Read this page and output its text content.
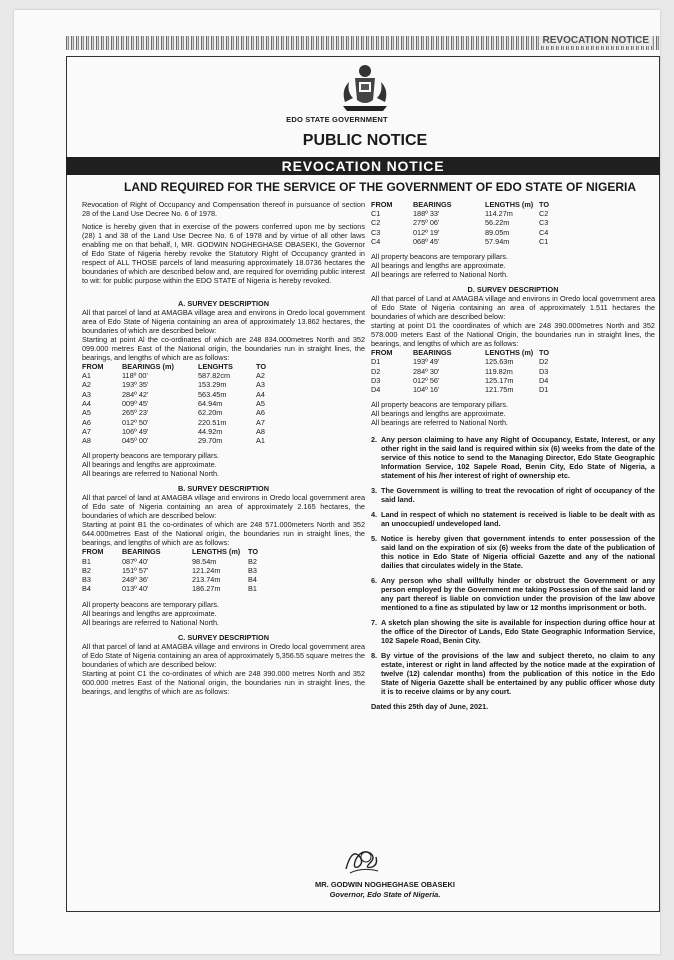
REVOCATION NOTICE
EDO STATE GOVERNMENT
PUBLIC NOTICE
REVOCATION NOTICE
LAND REQUIRED FOR THE SERVICE OF THE GOVERNMENT OF EDO STATE OF NIGERIA

Revocation of Right of Occupancy and Compensation thereof in pursuance of section 28 of the Land Use Decree No. 6 of 1978.

Notice is hereby given that in exercise of the powers conferred upon me by sections (28) 1 and 38 of the Land Use Decree No. 6 of 1978 and by virtue of all other laws enabling me on that behalf, I, MR. GODWIN NOGHEGHASE OBASEKI, the Governor of Edo State of Nigeria hereby revoke the Statutory Right of Occupancy granted in respect of ALL THOSE parcels of land measuring approximately 18.0736 hectares the boundaries of which are described below and, are required for overriding public interest to wit: for public purpose within the EDO STATE of Nigeria is hereby revoked.

A. SURVEY DESCRIPTION

All that parcel of land at AMAGBA village area and environs in Oredo local government area of Edo State of Nigeria containing an area of approximately 13.862 hectares, the boundaries of which are described below:

Starting at point Al the co-ordinates of which are 248 834.000metres North and 352 099.000 metres East of the National origin, the boundaries run in straight lines, the bearings, and lengths of which are as follows:

FROM	BEARINGS (m)	LENGHTS	TO
A1	118º 00'	587.82cm	A2
A2	193º 35'	153.29m	A3
A3	284º 42'	563.45m	A4
A4	009º 45'	64.94m	A5
A5	265º 23'	62.20m	A6
A6	012º 50'	220.51m	A7
A7	106º 49'	44.92m	A8
A8	045º 00'	29.70m	A1
All property beacons are temporary pillars.
All bearings and lengths are approximate.
All bearings are referred to National North.

B. SURVEY DESCRIPTION

All that parcel of land at AMAGBA village and environs in Oredo local government area of Edo sate of Nigeria containing an area of approximately 2.165 hectares, the boundaries of which are described below:

Starting at point B1 the co-ordinates of which are 248 571.000meters North and 352 644.000metres East of the National origin, the boundaries run in straight lines, the bearings, and lengths of which are as follows:

FROM	BEARINGS	LENGTHS (m)	TO
B1	087º 40'	98.54m	B2
B2	151º 57'	121.24m	B3
B3	248º 36'	213.74m	B4
B4	013º 40'	186.27m	B1
All property beacons are temporary pillars.
All bearings and lengths are approximate.
All bearings are referred to National North.

C. SURVEY DESCRIPTION

All that parcel of land at AMAGBA village and environs in Oredo local government area of Edo State of Nigeria containing an area of approximately 5,356.55 square metres the boundaries of which are described below:

Starting at point C1 the co-ordinates of which are 248 390.000 metres North and 352 600.000 metres East of the National origin, the boundaries run in straight lines, the bearings, and lengths of which are as follows:

FROM	BEARINGS	LENGTHS (m)	TO
C1	188º 33'	114.27m	C2
C2	275º 06'	56.22m	C3
C3	012º 19'	89.05m	C4
C4	068º 45'	57.94m	C1
All property beacons are temporary pillars.
All bearings and lengths are approximate.
All bearings are referred to National North.

D. SURVEY DESCRIPTION

All that parcel of Land at AMAGBA village and environs in Oredo local government area of Edo State of Nigeria containing an area of approximately 1.511 hectares the boundaries of which are described below:

starting at point D1 the coordinates of which are 248 390.000metres North and 352 578.000 meters East of the National Origin, the boundaries run in straight lines, the bearings, and lengths of which are as follows:

FROM	BEARINGS	LENGTHS (m)	TO
D1	193º 49'	125.63m	D2
D2	284º 30'	119.82m	D3
D3	012º 56'	125.17m	D4
D4	104º 16'	121.75m	D1
All property beacons are temporary pillars.
All bearings and lengths are approximate.
All bearings are referred to National North.
2. Any person claiming to have any Right of Occupancy, Estate, Interest, or any other right in the said land is required within six (6) weeks from the date of the service of this notice to send to the Managing Director, Edo State Geographic Information Service, 102 Sapele Road, Benin City, Edo State of Nigeria, a statement of his /her interest of right of ownership etc.
3. The Government is willing to treat the revocation of right of occupancy of the said land.
4. Land in respect of which no statement is received is liable to be dealt with as an unoccupied/ undeveloped land.
5. Notice is hereby given that government intends to enter possession of the said land on the expiration of six (6) weeks from the date of the publication of this notice in Edo State of Nigeria official Gazette and any of the national dailies that circulates widely in the State.
6. Any person who shall willfully hinder or obstruct the Government or any person employed by the Government me taking Possession of the said land or any part thereof is liable on conviction under the provision of the law above mentioned to a fine as stipulated by law or 12 months imprisonment or both.
7. A sketch plan showing the site is available for inspection during office hour at the office of the Director of Lands, Edo State Geographic Information Service, 102 Sapele Road, Benin City.
8. By virtue of the provisions of the law and subject thereto, no claim to any estate, interest or right in land affected by the notice made at the expiration of twelve (12) calendar months) from the publication of this notice in the Edo State of Nigeria Gazette shall be entertained by any public officer whose duty it is to receive claims or by any court.
Dated this 25th day of June, 2021.
MR. GODWIN NOGHEGHASE OBASEKI
Governor, Edo State of Nigeria.
